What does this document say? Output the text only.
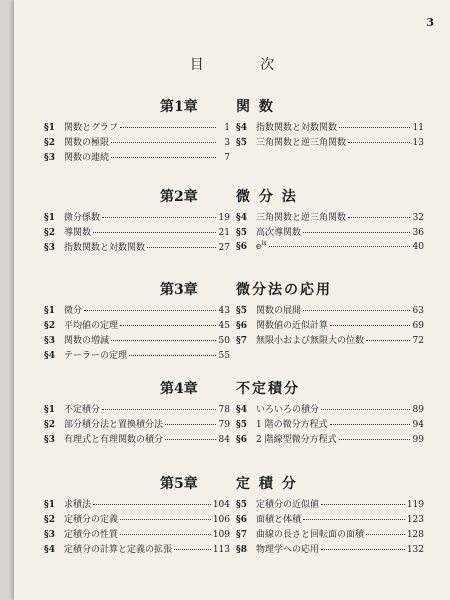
3
目 次
第1章	関 数
§1	関数とグラフ	1
§2	関数の極限	3
§3	関数の連続	7
§4	指数関数と対数関数	11
§5	三角関数と逆三角関数	13
第2章	微 分 法
§1	微分係数	19
§2	導関数	21
§3	指数関数と対数関数	27
§4	三角関数と逆三角関数	32
§5	高次導関数	36
§6	$e^{ix}$	40
第3章	微分法の応用
§1	微分	43
§2	平均値の定理	45
§3	関数の増減	50
§4	テーラーの定理	55
§5	関数の展開	63
§6	関数値の近似計算	69
§7	無限小および無限大の位数	72
第4章	不定積分
§1	不定積分	78
§2	部分積分法と置換積分法	79
§3	有理式と有理関数の積分	84
§4	いろいろの積分	89
§5	1 階の微分方程式	94
§6	2 階線型微分方程式	99
第5章	定 積 分
§1	求積法	104
§2	定積分の定義	106
§3	定積分の性質	109
§4	定積分の計算と定義の拡張	113
§5	定積分の近似値	119
§6	面積と体積	123
§7	曲線の長さと回転面の面積	128
§8	物理学への応用	132
